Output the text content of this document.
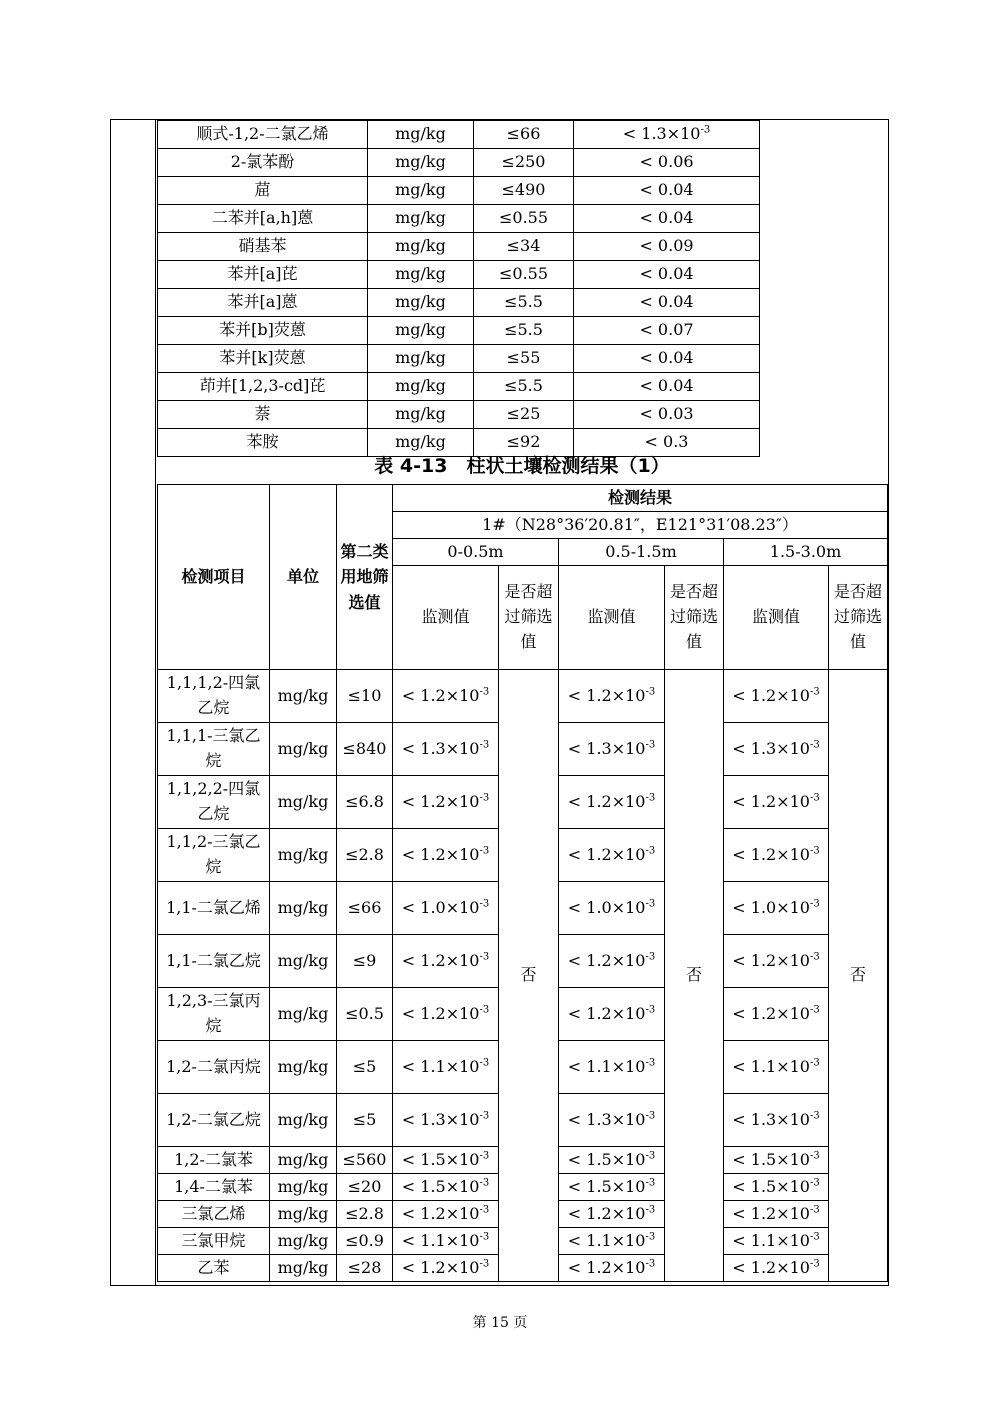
顺式-1,2-二氯乙烯	mg/kg	≤66	< $1.3\times 10^{-3}$
2-氯苯酚	mg/kg	≤250	< 0.06
䓛	mg/kg	≤490	< 0.04
二苯并[a,h]蒽	mg/kg	≤0.55	< 0.04
硝基苯	mg/kg	≤34	< 0.09
苯并[a]芘	mg/kg	≤0.55	< 0.04
苯并[a]蒽	mg/kg	≤5.5	< 0.04
苯并[b]荧蒽	mg/kg	≤5.5	< 0.07
苯并[k]荧蒽	mg/kg	≤55	< 0.04
茚并[1,2,3-cd]芘	mg/kg	≤5.5	< 0.04
萘	mg/kg	≤25	< 0.03
苯胺	mg/kg	≤92	< 0.3
表 4-13　柱状土壤检测结果（1）
检测项目	单位	第二类用地筛选值	检测结果					
			1#（N28°36′20.81″，E121°31′08.23″）					
			0-0.5m		0.5-1.5m		1.5-3.0m	
			监测值	是否超过筛选值	监测值	是否超过筛选值	监测值	是否超过筛选值
1,1,1,2-四氯乙烷	mg/kg	≤10	< $1.2\times 10^{-3}$	否	< $1.2\times 10^{-3}$	否	< $1.2\times 10^{-3}$	否
1,1,1-三氯乙烷	mg/kg	≤840	< $1.3\times 10^{-3}$		< $1.3\times 10^{-3}$		< $1.3\times 10^{-3}$
1,1,2,2-四氯乙烷	mg/kg	≤6.8	< $1.2\times 10^{-3}$		< $1.2\times 10^{-3}$		< $1.2\times 10^{-3}$
1,1,2-三氯乙烷	mg/kg	≤2.8	< $1.2\times 10^{-3}$		< $1.2\times 10^{-3}$		< $1.2\times 10^{-3}$
1,1-二氯乙烯	mg/kg	≤66	< $1.0\times 10^{-3}$		< $1.0\times 10^{-3}$		< $1.0\times 10^{-3}$
1,1-二氯乙烷	mg/kg	≤9	< $1.2\times 10^{-3}$		< $1.2\times 10^{-3}$		< $1.2\times 10^{-3}$
1,2,3-三氯丙烷	mg/kg	≤0.5	< $1.2\times 10^{-3}$		< $1.2\times 10^{-3}$		< $1.2\times 10^{-3}$
1,2-二氯丙烷	mg/kg	≤5	< $1.1\times 10^{-3}$		< $1.1\times 10^{-3}$		< $1.1\times 10^{-3}$
1,2-二氯乙烷	mg/kg	≤5	< $1.3\times 10^{-3}$		< $1.3\times 10^{-3}$		< $1.3\times 10^{-3}$
1,2-二氯苯	mg/kg	≤560	< $1.5\times 10^{-3}$		< $1.5\times 10^{-3}$		< $1.5\times 10^{-3}$
1,4-二氯苯	mg/kg	≤20	< $1.5\times 10^{-3}$		< $1.5\times 10^{-3}$		< $1.5\times 10^{-3}$
三氯乙烯	mg/kg	≤2.8	< $1.2\times 10^{-3}$		< $1.2\times 10^{-3}$		< $1.2\times 10^{-3}$
三氯甲烷	mg/kg	≤0.9	< $1.1\times 10^{-3}$		< $1.1\times 10^{-3}$		< $1.1\times 10^{-3}$
乙苯	mg/kg	≤28	< $1.2\times 10^{-3}$		< $1.2\times 10^{-3}$		< $1.2\times 10^{-3}$
第 15 页
